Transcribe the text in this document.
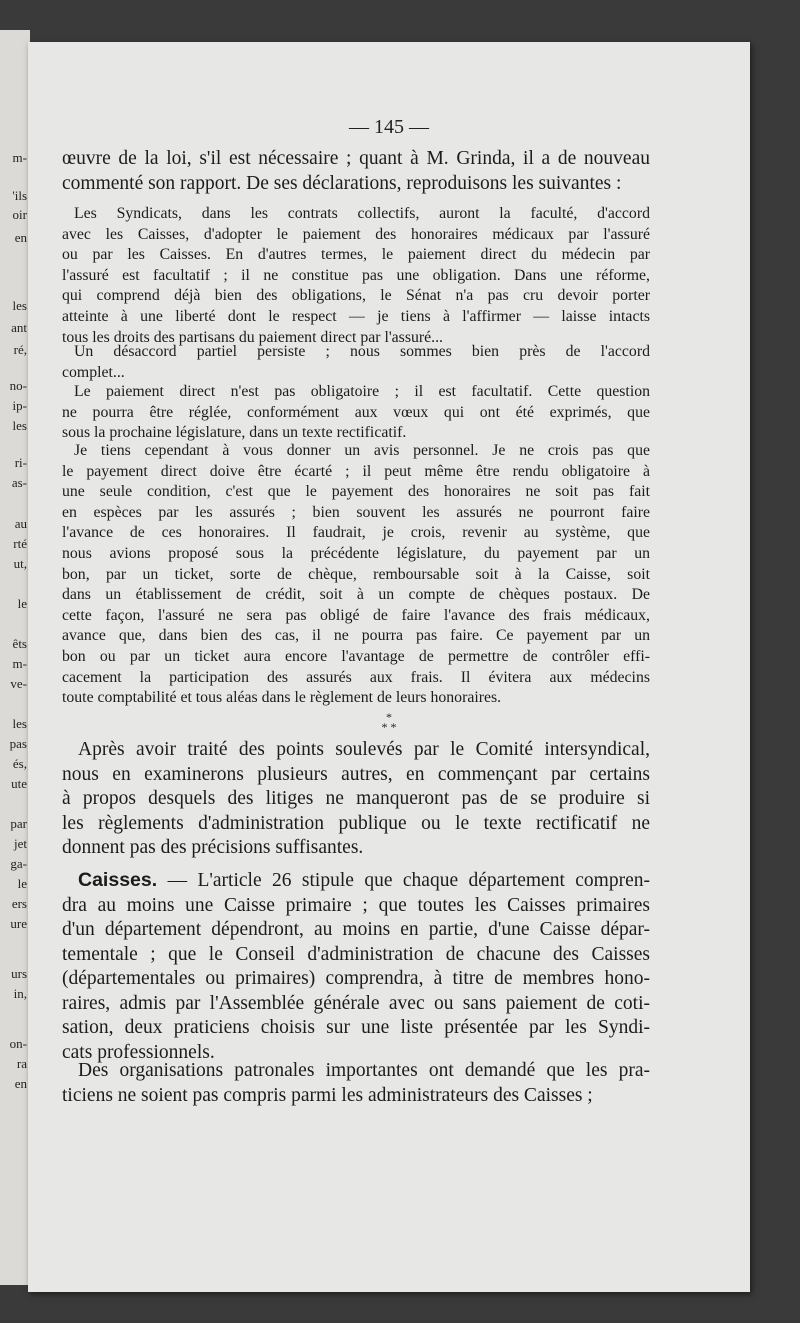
m-
'ils
oir
en
les
ant
ré,
no-
ip-
les
ri-
as-
au
rté
ut,
le
êts
m-
ve-
les
pas
és,
ute
par
jet
ga-
le
ers
ure
urs
in,
on-
ra
en
— 145 —
œuvre de la loi, s'il est nécessaire ; quant à M. Grinda, il a de nouveau
commenté son rapport. De ses déclarations, reproduisons les suivantes :
Les Syndicats, dans les contrats collectifs, auront la faculté, d'accord
avec les Caisses, d'adopter le paiement des honoraires médicaux par l'assuré
ou par les Caisses. En d'autres termes, le paiement direct du médecin par
l'assuré est facultatif ; il ne constitue pas une obligation. Dans une réforme,
qui comprend déjà bien des obligations, le Sénat n'a pas cru devoir porter
atteinte à une liberté dont le respect — je tiens à l'affirmer — laisse intacts
tous les droits des partisans du paiement direct par l'assuré...
Un désaccord partiel persiste ; nous sommes bien près de l'accord
complet...
Le paiement direct n'est pas obligatoire ; il est facultatif. Cette question
ne pourra être réglée, conformément aux vœux qui ont été exprimés, que
sous la prochaine législature, dans un texte rectificatif.
Je tiens cependant à vous donner un avis personnel. Je ne crois pas que
le payement direct doive être écarté ; il peut même être rendu obligatoire à
une seule condition, c'est que le payement des honoraires ne soit pas fait
en espèces par les assurés ; bien souvent les assurés ne pourront faire
l'avance de ces honoraires. Il faudrait, je crois, revenir au système, que
nous avions proposé sous la précédente législature, du payement par un
bon, par un ticket, sorte de chèque, remboursable soit à la Caisse, soit
dans un établissement de crédit, soit à un compte de chèques postaux. De
cette façon, l'assuré ne sera pas obligé de faire l'avance des frais médicaux,
avance que, dans bien des cas, il ne pourra pas faire. Ce payement par un
bon ou par un ticket aura encore l'avantage de permettre de contrôler effi-
cacement la participation des assurés aux frais. Il évitera aux médecins
toute comptabilité et tous aléas dans le règlement de leurs honoraires.
*
* *
Après avoir traité des points soulevés par le Comité intersyndical,
nous en examinerons plusieurs autres, en commençant par certains
à propos desquels des litiges ne manqueront pas de se produire si
les règlements d'administration publique ou le texte rectificatif ne
donnent pas des précisions suffisantes.
Caisses. — L'article 26 stipule que chaque département compren-
dra au moins une Caisse primaire ; que toutes les Caisses primaires
d'un département dépendront, au moins en partie, d'une Caisse dépar-
tementale ; que le Conseil d'administration de chacune des Caisses
(départementales ou primaires) comprendra, à titre de membres hono-
raires, admis par l'Assemblée générale avec ou sans paiement de coti-
sation, deux praticiens choisis sur une liste présentée par les Syndi-
cats professionnels.
Des organisations patronales importantes ont demandé que les pra-
ticiens ne soient pas compris parmi les administrateurs des Caisses ;
